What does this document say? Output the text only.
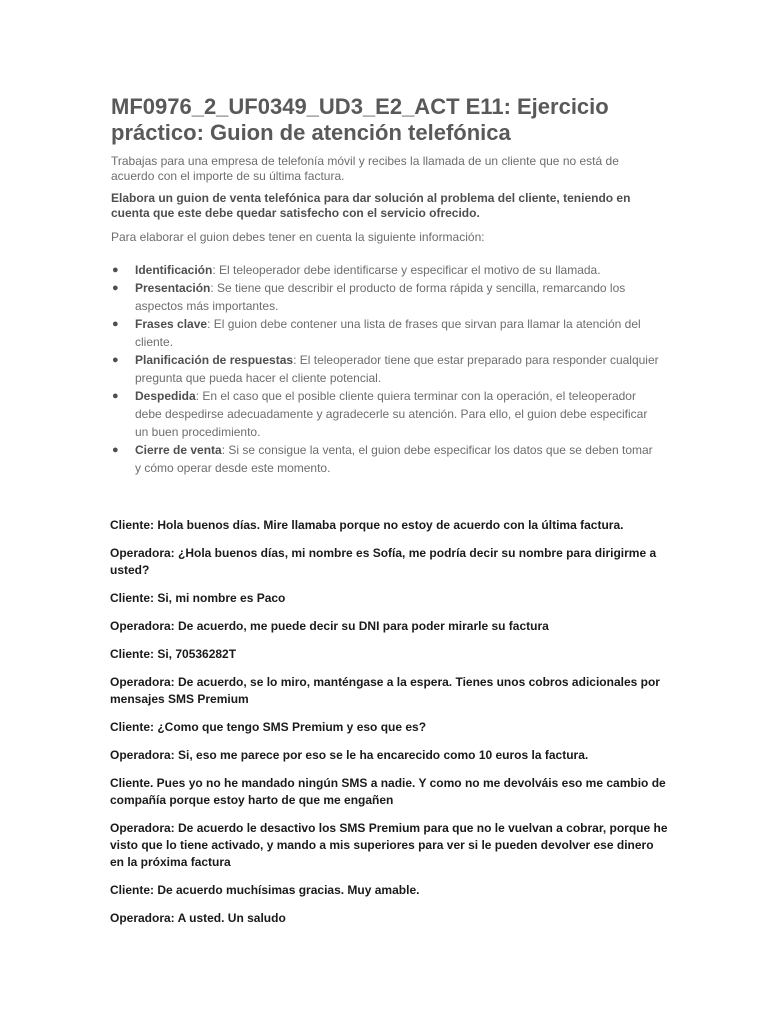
MF0976_2_UF0349_UD3_E2_ACT E11: Ejercicio práctico: Guion de atención telefónica

Trabajas para una empresa de telefonía móvil y recibes la llamada de un cliente que no está de acuerdo con el importe de su última factura.

Elabora un guion de venta telefónica para dar solución al problema del cliente, teniendo en cuenta que este debe quedar satisfecho con el servicio ofrecido.

Para elaborar el guion debes tener en cuenta la siguiente información:

● Identificación: El teleoperador debe identificarse y especificar el motivo de su llamada.
● Presentación: Se tiene que describir el producto de forma rápida y sencilla, remarcando los aspectos más importantes.
● Frases clave: El guion debe contener una lista de frases que sirvan para llamar la atención del cliente.
● Planificación de respuestas: El teleoperador tiene que estar preparado para responder cualquier pregunta que pueda hacer el cliente potencial.
● Despedida: En el caso que el posible cliente quiera terminar con la operación, el teleoperador debe despedirse adecuadamente y agradecerle su atención. Para ello, el guion debe especificar un buen procedimiento.
● Cierre de venta: Si se consigue la venta, el guion debe especificar los datos que se deben tomar y cómo operar desde este momento.

Cliente: Hola buenos días. Mire llamaba porque no estoy de acuerdo con la última factura.

Operadora: ¿Hola buenos días, mi nombre es Sofía, me podría decir su nombre para dirigirme a usted?

Cliente: Si, mi nombre es Paco

Operadora: De acuerdo, me puede decir su DNI para poder mirarle su factura

Cliente: Si, 70536282T

Operadora: De acuerdo, se lo miro, manténgase a la espera. Tienes unos cobros adicionales por mensajes SMS Premium

Cliente: ¿Como que tengo SMS Premium y eso que es?

Operadora: Si, eso me parece por eso se le ha encarecido como 10 euros la factura.

Cliente. Pues yo no he mandado ningún SMS a nadie. Y como no me devolváis eso me cambio de compañía porque estoy harto de que me engañen

Operadora: De acuerdo le desactivo los SMS Premium para que no le vuelvan a cobrar, porque he visto que lo tiene activado, y mando a mis superiores para ver si le pueden devolver ese dinero en la próxima factura

Cliente: De acuerdo muchísimas gracias. Muy amable.

Operadora: A usted. Un saludo
